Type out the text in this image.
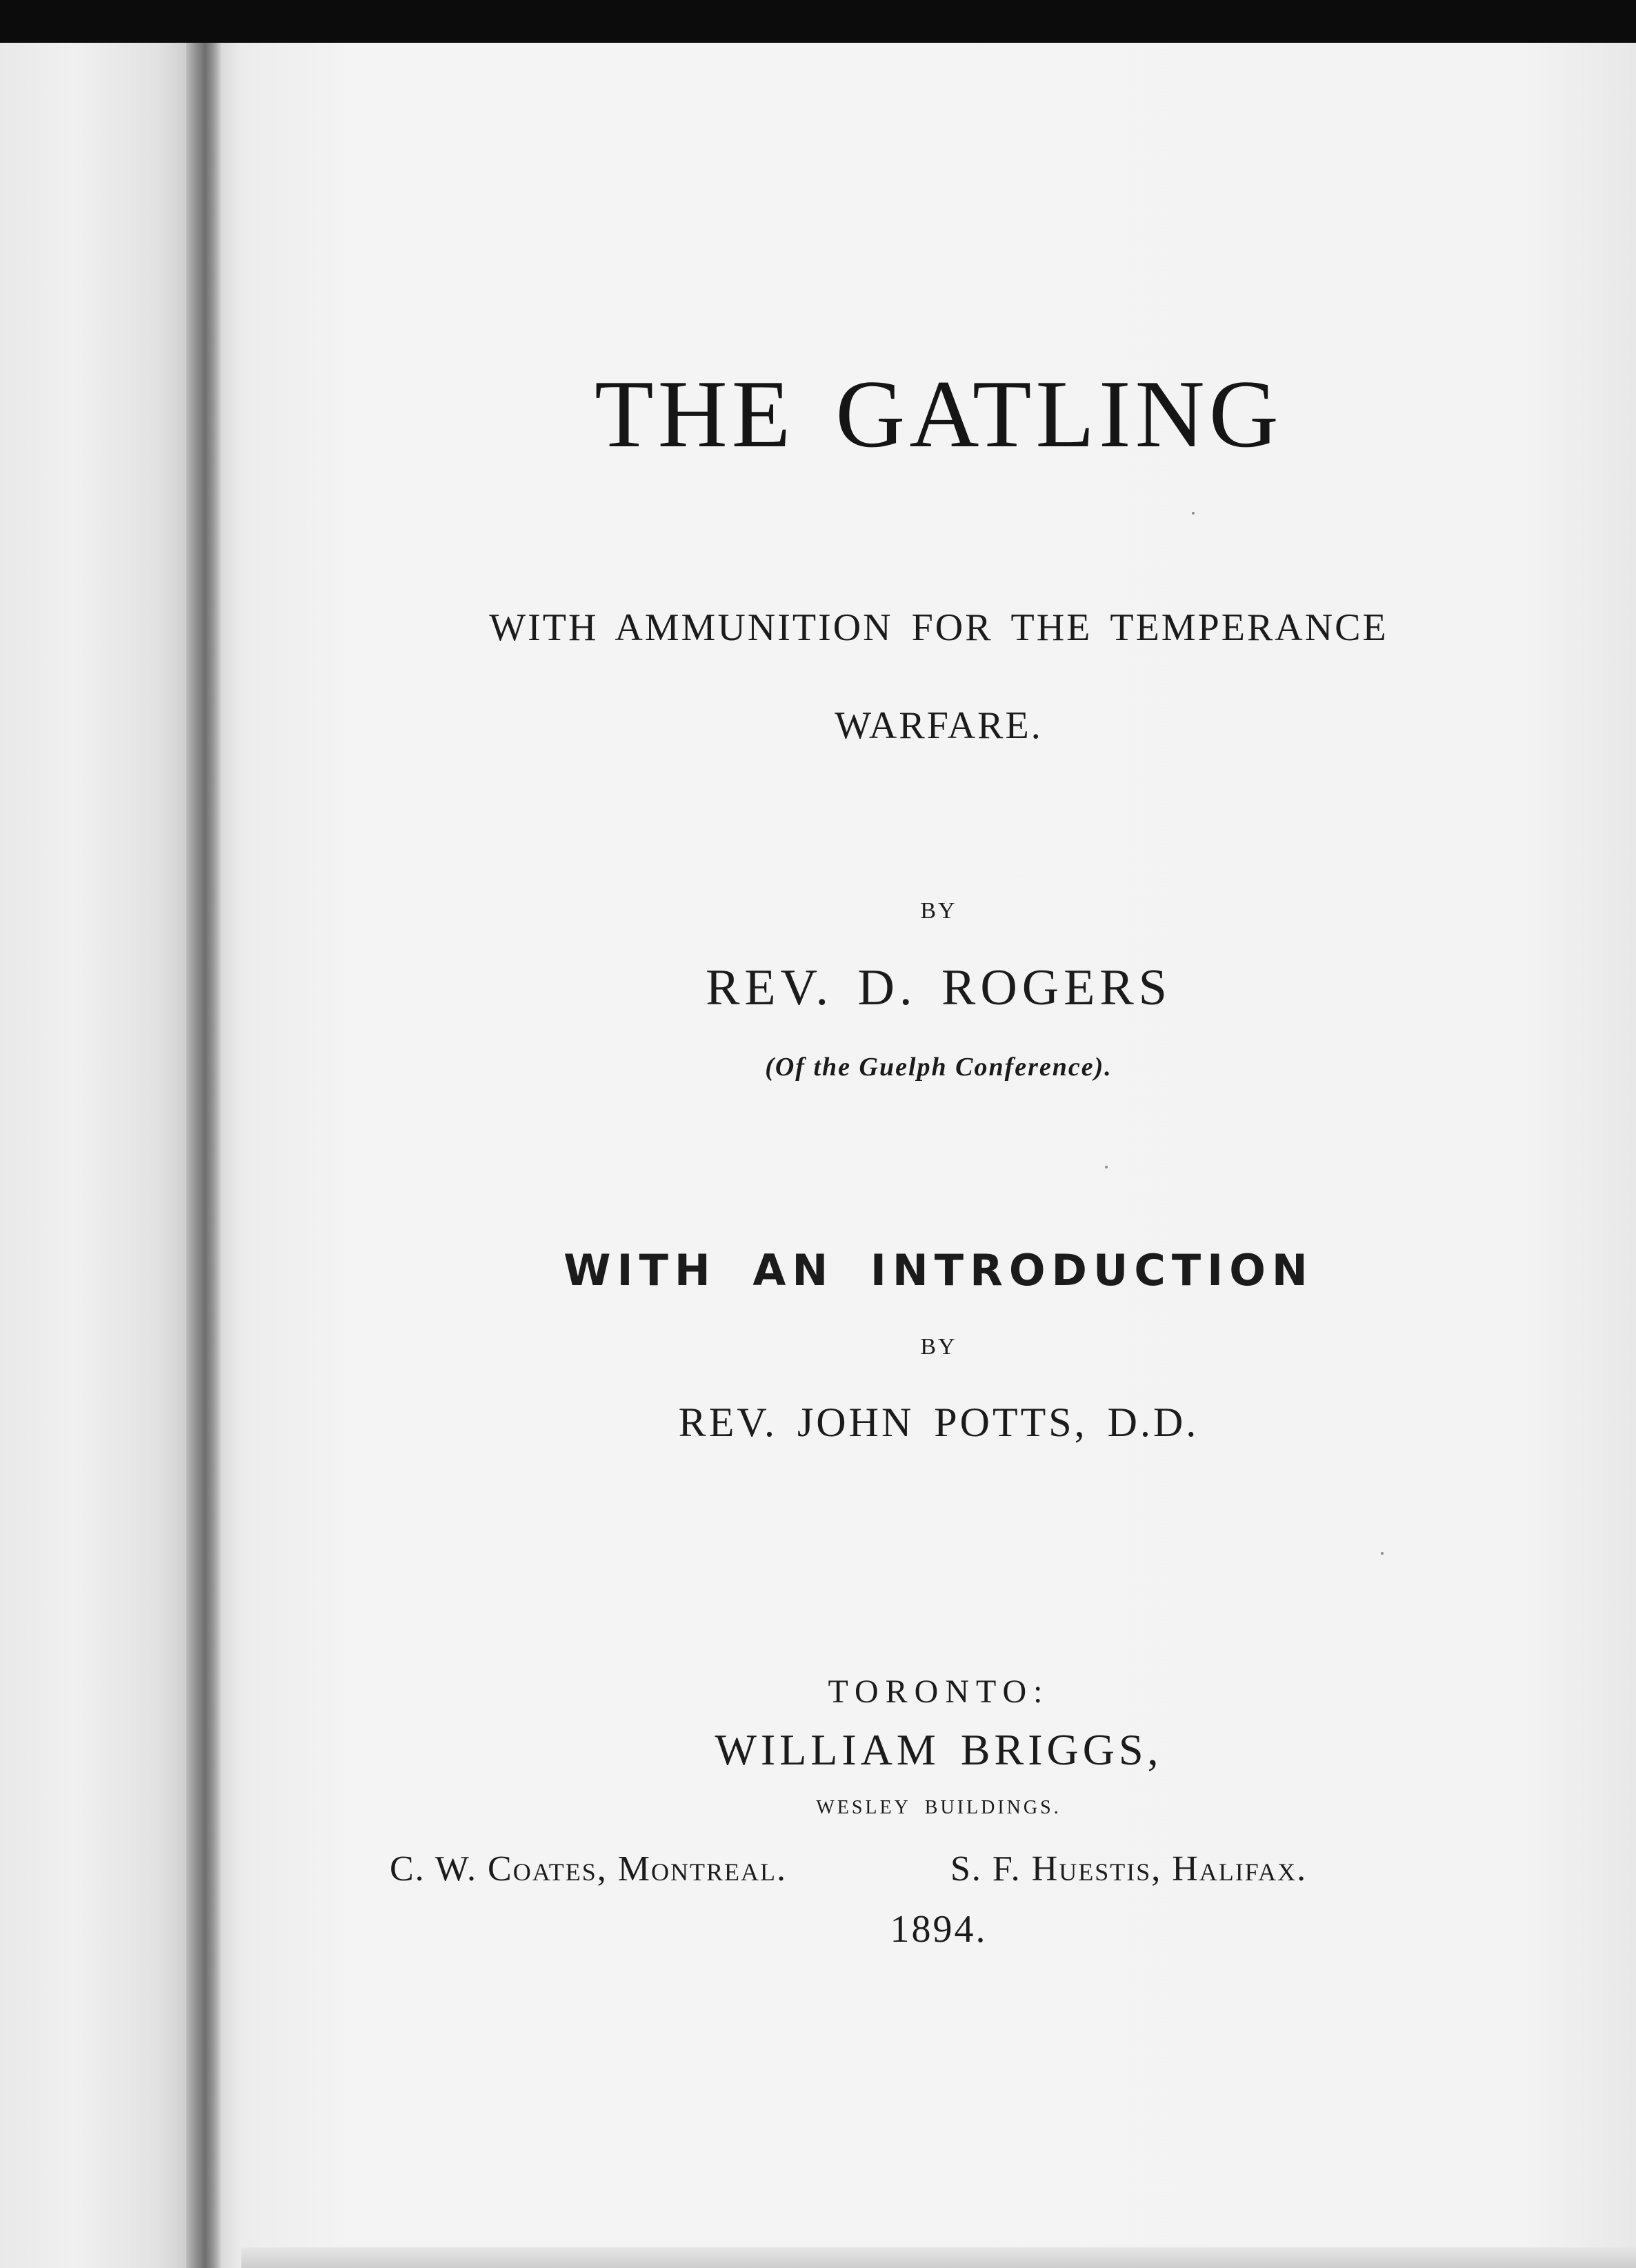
THE GATLING

WITH AMMUNITION FOR THE TEMPERANCE

WARFARE.

BY

REV. D. ROGERS

(Of the Guelph Conference).

WITH AN INTRODUCTION

BY

REV. JOHN POTTS, D.D.

TORONTO:

WILLIAM BRIGGS,

WESLEY BUILDINGS.

C. W. Coates, Montreal.	S. F. Huestis, Halifax.

1894.
